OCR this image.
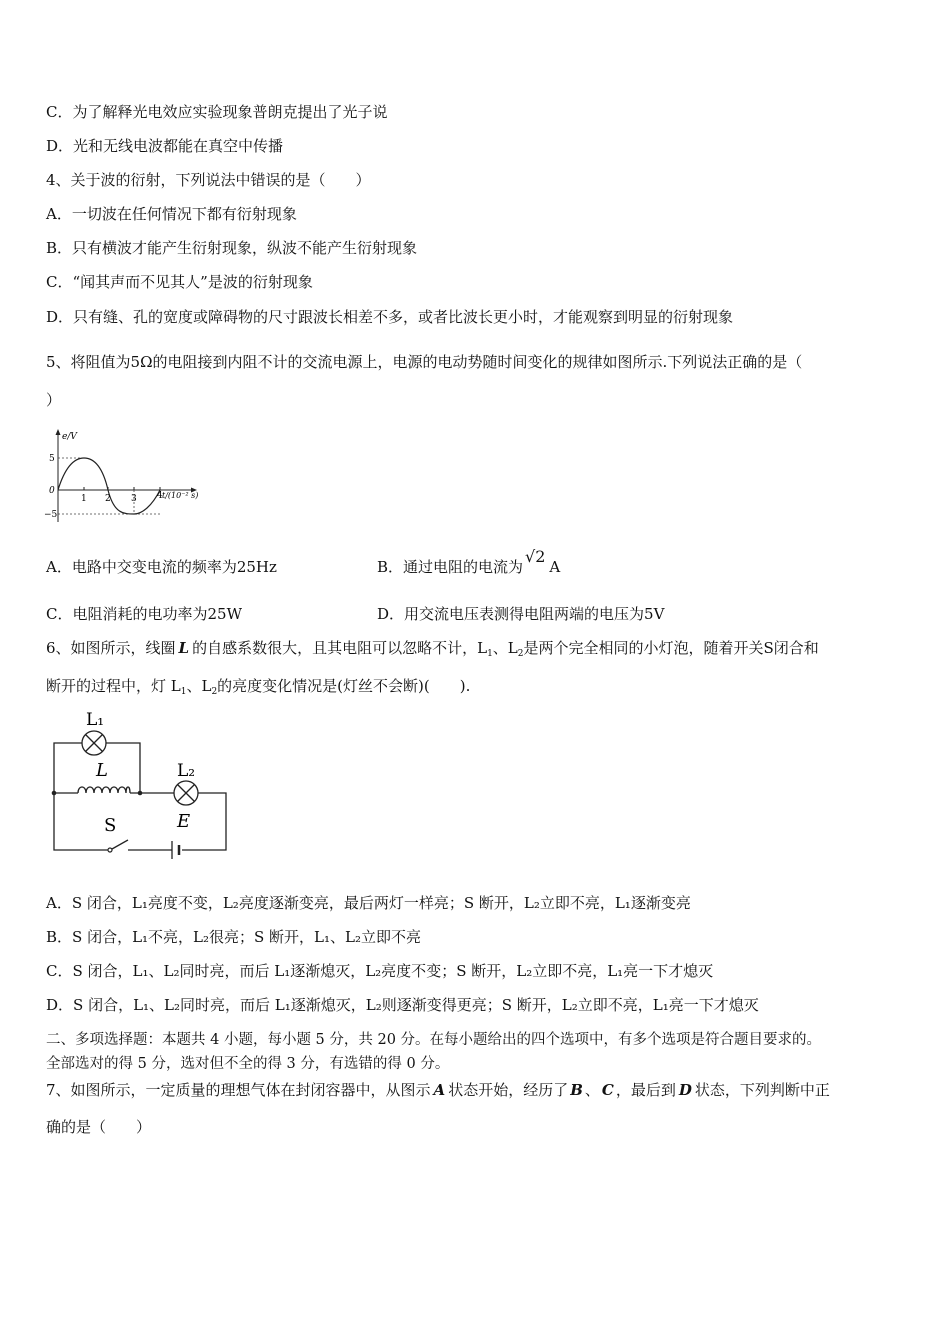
C．为了解释光电效应实验现象普朗克提出了光子说
D．光和无线电波都能在真空中传播
4、关于波的衍射，下列说法中错误的是（　　）
A．一切波在任何情况下都有衍射现象
B．只有横波才能产生衍射现象，纵波不能产生衍射现象
C．“闻其声而不见其人”是波的衍射现象
D．只有缝、孔的宽度或障碍物的尺寸跟波长相差不多，或者比波长更小时，才能观察到明显的衍射现象
5、将阻值为5Ω的电阻接到内阻不计的交流电源上，电源的电动势随时间变化的规律如图所示.下列说法正确的是（
）
e/V
5
0
−5
1 2 3 4 t/(10⁻² s)
A．电路中交变电流的频率为25Hz	B．通过电阻的电流为√2A
C．电阻消耗的电功率为25W	D．用交流电压表测得电阻两端的电压为5V
6、如图所示，线圈 L 的自感系数很大，且其电阻可以忽略不计，$L_1$、$L_2$是两个完全相同的小灯泡，随着开关S闭合和
断开的过程中，灯 $L_1$、$L_2$的亮度变化情况是(灯丝不会断)(　　).
L₁
L	L₂
S	E
A．S 闭合，L₁亮度不变，L₂亮度逐渐变亮，最后两灯一样亮；S 断开，L₂立即不亮，L₁逐渐变亮
B．S 闭合，L₁不亮，L₂很亮；S 断开，L₁、L₂立即不亮
C．S 闭合，L₁、L₂同时亮，而后 L₁逐渐熄灭，L₂亮度不变；S 断开，L₂立即不亮，L₁亮一下才熄灭
D．S 闭合，L₁、L₂同时亮，而后 L₁逐渐熄灭，L₂则逐渐变得更亮；S 断开，L₂立即不亮，L₁亮一下才熄灭
二、多项选择题：本题共 4 小题，每小题 5 分，共 20 分。在每小题给出的四个选项中，有多个选项是符合题目要求的。
全部选对的得 5 分，选对但不全的得 3 分，有选错的得 0 分。
7、如图所示，一定质量的理想气体在封闭容器中，从图示 A 状态开始，经历了 B 、 C ，最后到 D 状态，下列判断中正
确的是（　　）
